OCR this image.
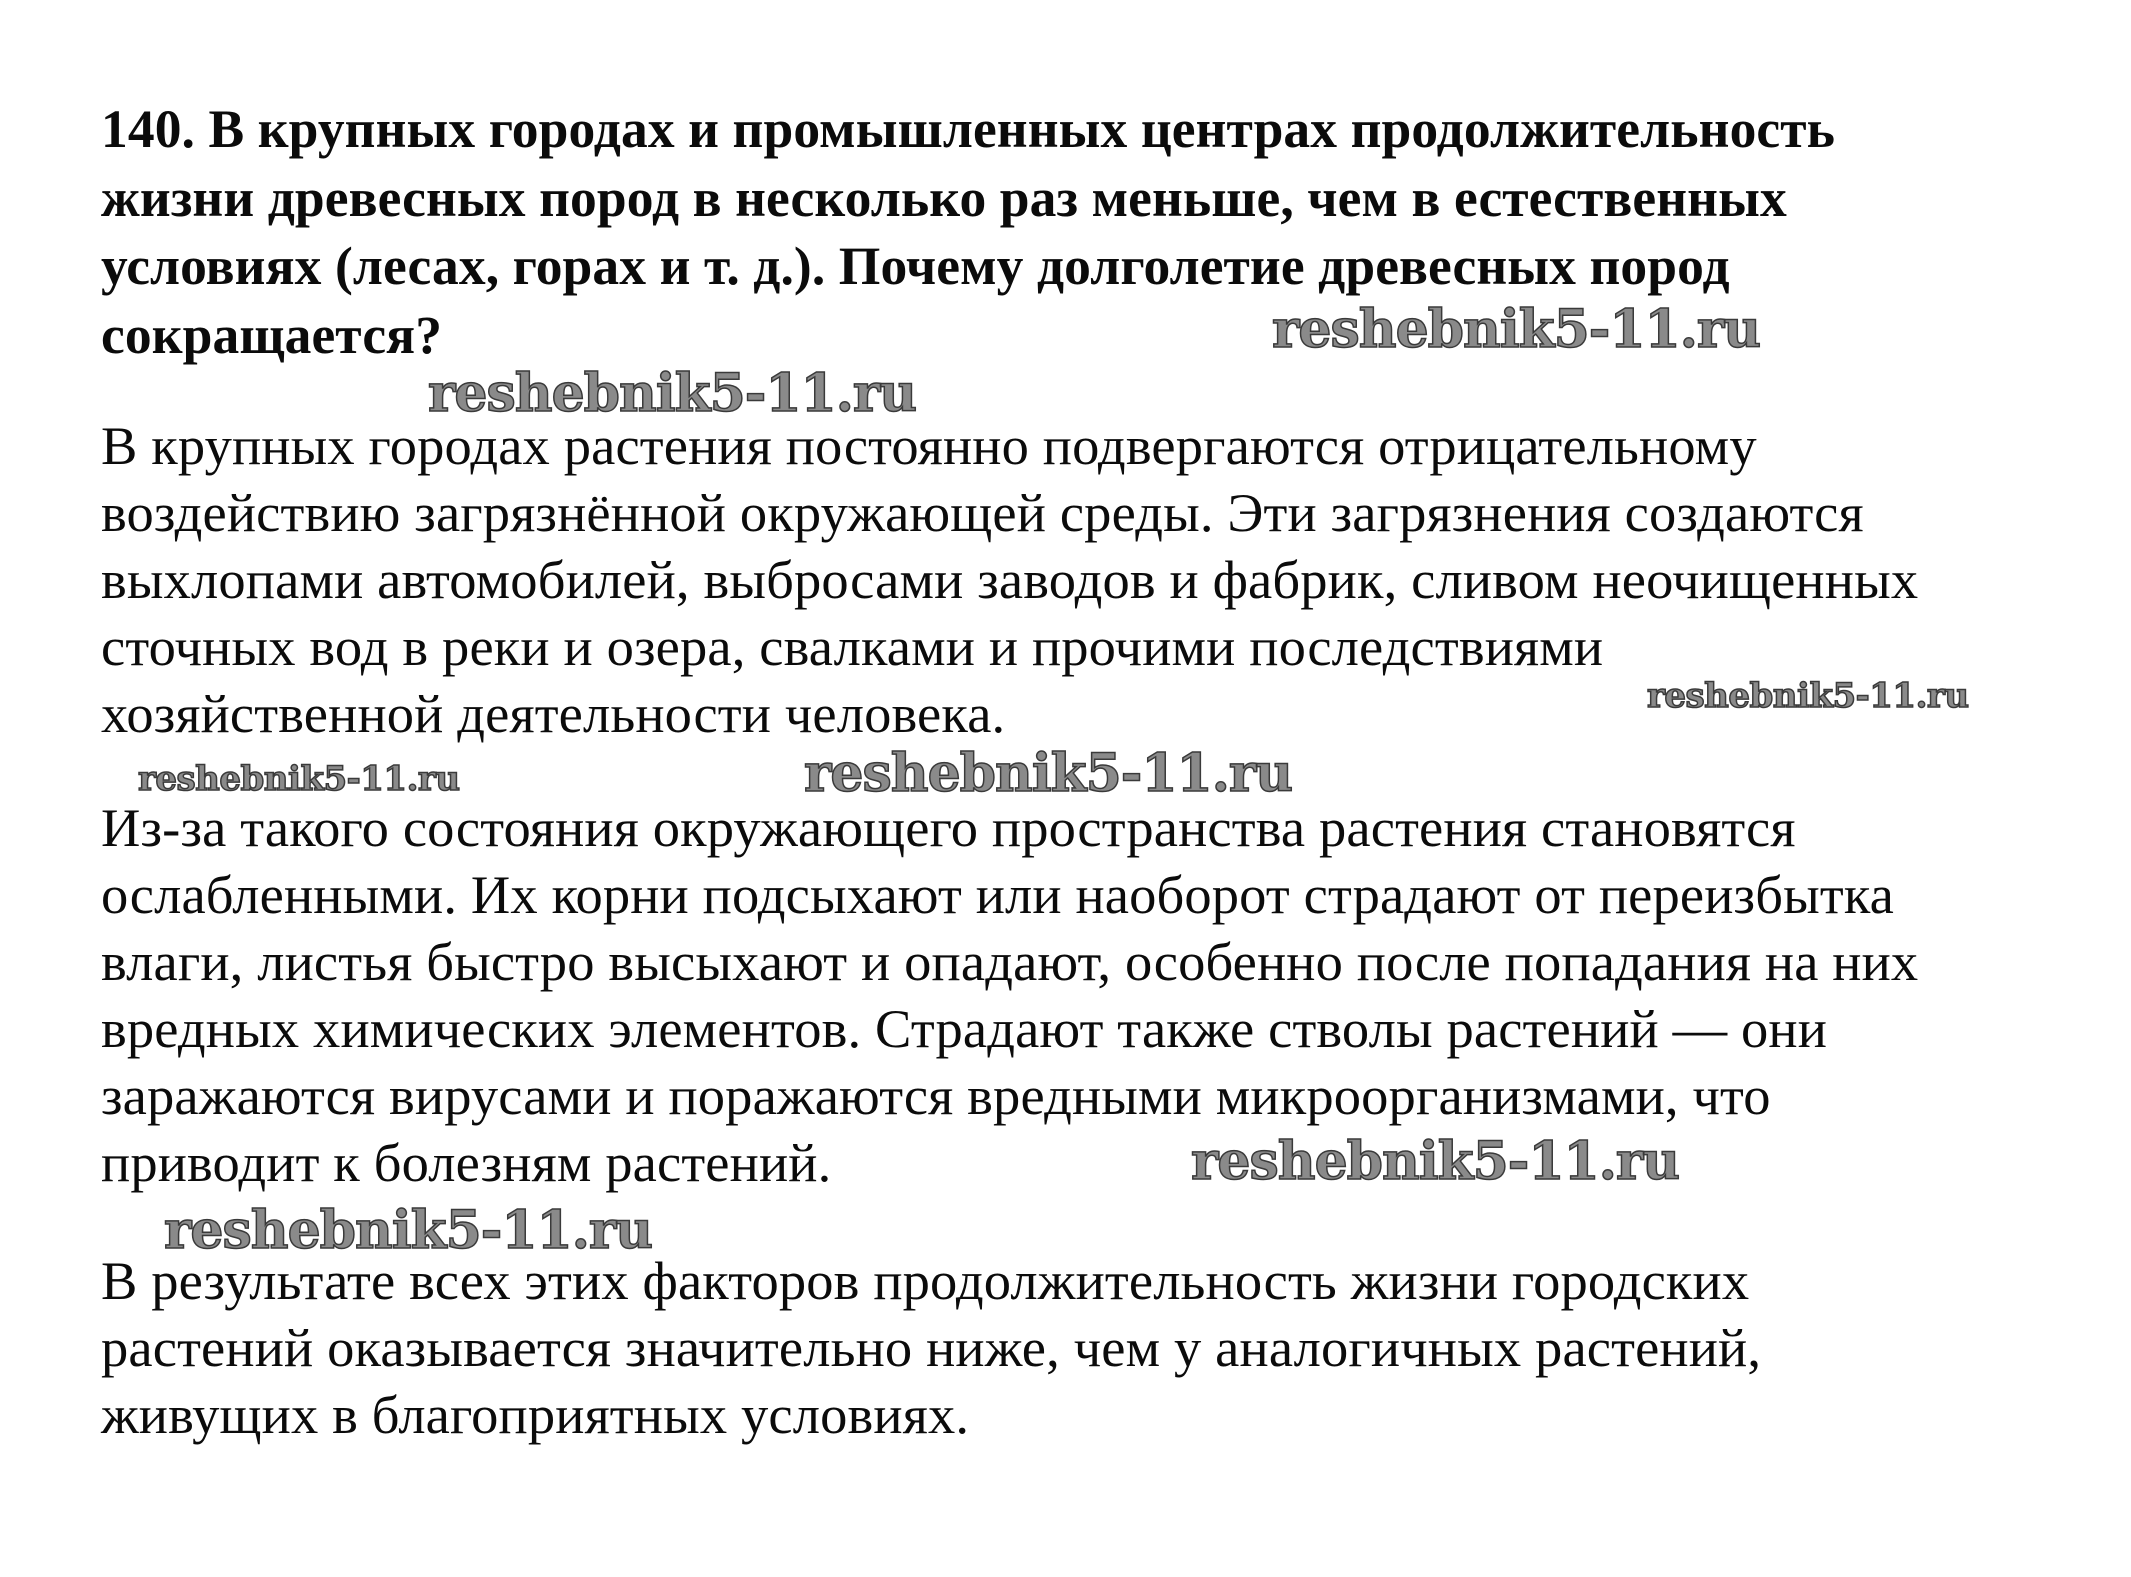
140. В крупных городах и промышленных центрах продолжительность

жизни древесных пород в несколько раз меньше, чем в естественных

условиях (лесах, горах и т. д.). Почему долголетие древесных пород

сокращается?

В крупных городах растения постоянно подвергаются отрицательному

воздействию загрязнённой окружающей среды. Эти загрязнения создаются

выхлопами автомобилей, выбросами заводов и фабрик, сливом неочищенных

сточных вод в реки и озера, свалками и прочими последствиями

хозяйственной деятельности человека.

Из-за такого состояния окружающего пространства растения становятся

ослабленными. Их корни подсыхают или наоборот страдают от переизбытка

влаги, листья быстро высыхают и опадают, особенно после попадания на них

вредных химических элементов. Страдают также стволы растений — они

заражаются вирусами и поражаются вредными микроорганизмами, что

приводит к болезням растений.

В результате всех этих факторов продолжительность жизни городских

растений оказывается значительно ниже, чем у аналогичных растений,

живущих в благоприятных условиях.

reshebnik5-11.ru
reshebnik5-11.ru
reshebnik5-11.ru
reshebnik5-11.ru	reshebnik5-11.ru
reshebnik5-11.ru
reshebnik5-11.ru
